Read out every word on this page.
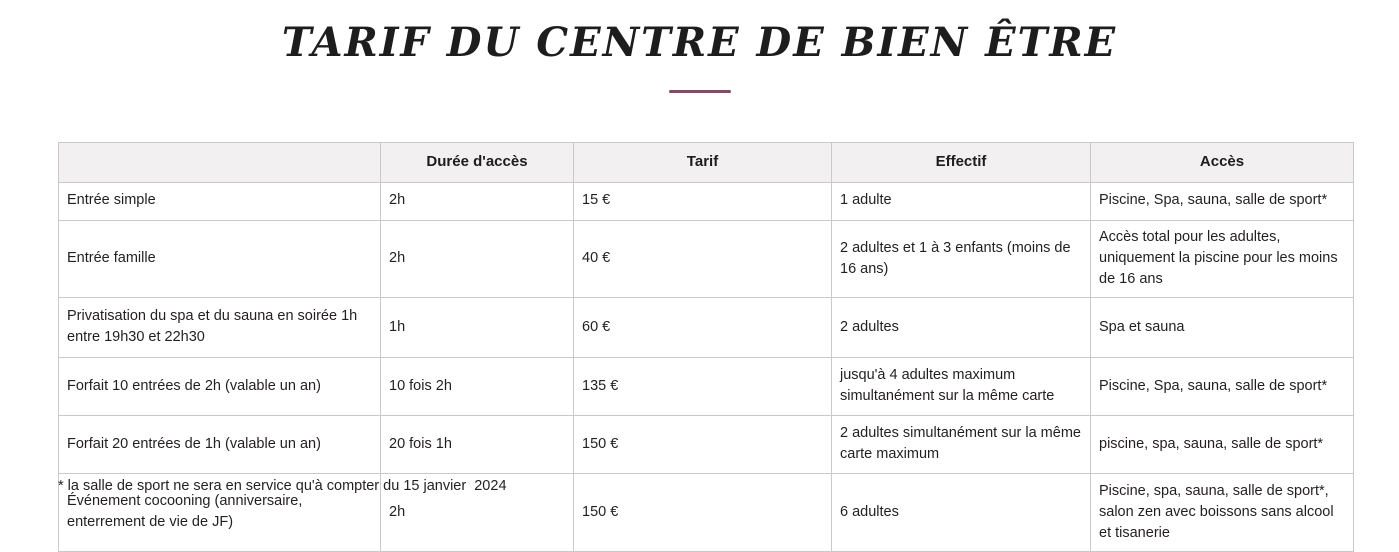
TARIF DU CENTRE DE BIEN ÊTRE
	Durée d'accès	Tarif	Effectif	Accès
Entrée simple	2h	15 €	1 adulte	Piscine, Spa, sauna, salle de sport*
Entrée famille	2h	40 €	2 adultes et 1 à 3 enfants (moins de 16 ans)	Accès total pour les adultes, uniquement la piscine pour les moins de 16 ans
Privatisation du spa et du sauna en soirée 1h entre 19h30 et 22h30	1h	60 €	2 adultes	Spa et sauna
Forfait 10 entrées de 2h (valable un an)	10 fois 2h	135 €	jusqu'à 4 adultes maximum simultanément sur la même carte	Piscine, Spa, sauna, salle de sport*
Forfait 20 entrées de 1h (valable un an)	20 fois 1h	150 €	2 adultes simultanément sur la même carte maximum	piscine, spa, sauna, salle de sport*
Événement cocooning (anniversaire, enterrement de vie de JF)	2h	150 €	6 adultes	Piscine, spa, sauna, salle de sport*, salon zen avec boissons sans alcool et tisanerie
* la salle de sport ne sera en service qu'à compter du 15 janvier  2024
